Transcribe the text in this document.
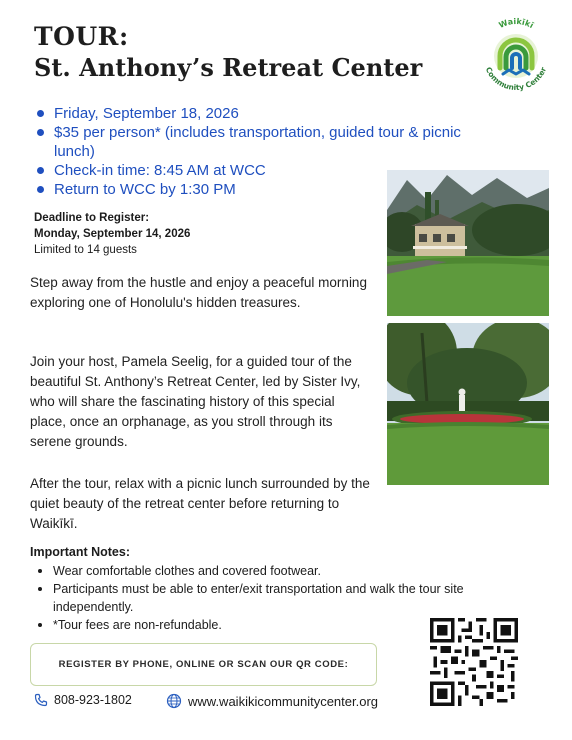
TOUR:
St. Anthony’s Retreat Center
Waikīkī
Community Center
Friday, September 18, 2026
$35 per person* (includes transportation, guided tour & picnic lunch)
Check-in time: 8:45 AM at WCC
Return to WCC by 1:30 PM
Deadline to Register:
Monday, September 14, 2026
Limited to 14 guests

Step away from the hustle and enjoy a peaceful morning exploring one of Honolulu's hidden treasures.

Join your host, Pamela Seelig, for a guided tour of the beautiful St. Anthony’s Retreat Center, led by Sister Ivy, who will share the fascinating history of this special place, once an orphanage, as you stroll through its serene grounds.

After the tour, relax with a picnic lunch surrounded by the quiet beauty of the retreat center before returning to Waikīkī.

Important Notes:
Wear comfortable clothes and covered footwear.
Participants must be able to enter/exit transportation and walk the tour site independently.
*Tour fees are non-refundable.
REGISTER BY PHONE, ONLINE OR SCAN OUR QR CODE:
808-923-1802	www.waikikicommunitycenter.org
